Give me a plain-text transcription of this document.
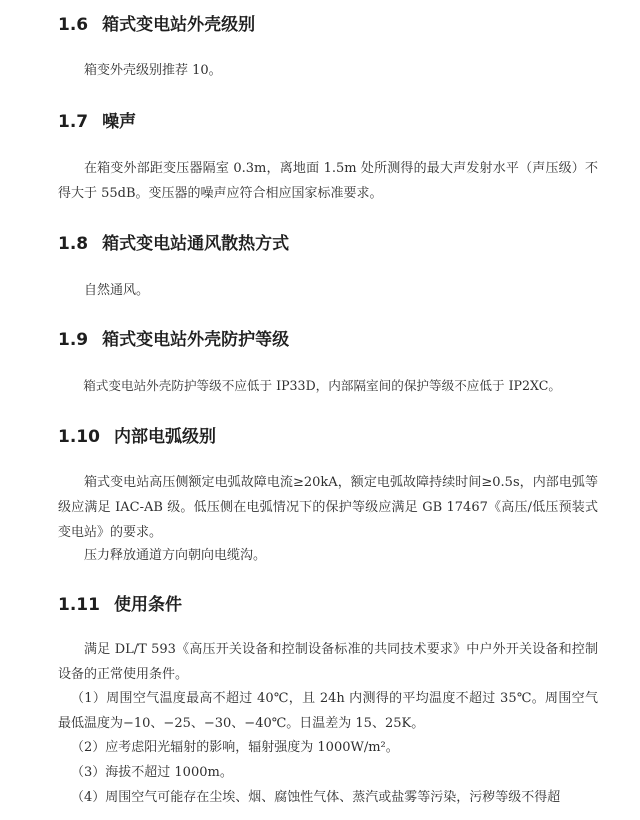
1.6 箱式变电站外壳级别
箱变外壳级别推荐 10。
1.7 噪声
在箱变外部距变压器隔室 0.3m，离地面 1.5m 处所测得的最大声发射水平（声压级）不得大于 55dB。变压器的噪声应符合相应国家标准要求。
1.8 箱式变电站通风散热方式
自然通风。
1.9 箱式变电站外壳防护等级
箱式变电站外壳防护等级不应低于 IP33D，内部隔室间的保护等级不应低于 IP2XC。
1.10 内部电弧级别
箱式变电站高压侧额定电弧故障电流≥20kA，额定电弧故障持续时间≥0.5s，内部电弧等级应满足 IAC-AB 级。低压侧在电弧情况下的保护等级应满足 GB 17467《高压/低压预装式变电站》的要求。
压力释放通道方向朝向电缆沟。
1.11 使用条件
满足 DL/T 593《高压开关设备和控制设备标准的共同技术要求》中户外开关设备和控制设备的正常使用条件。
（1）周围空气温度最高不超过 40℃，且 24h 内测得的平均温度不超过 35℃。周围空气最低温度为−10、−25、−30、−40℃。日温差为 15、25K。
（2）应考虑阳光辐射的影响，辐射强度为 1000W/m²。
（3）海拔不超过 1000m。
（4）周围空气可能存在尘埃、烟、腐蚀性气体、蒸汽或盐雾等污染，污秽等级不得超
